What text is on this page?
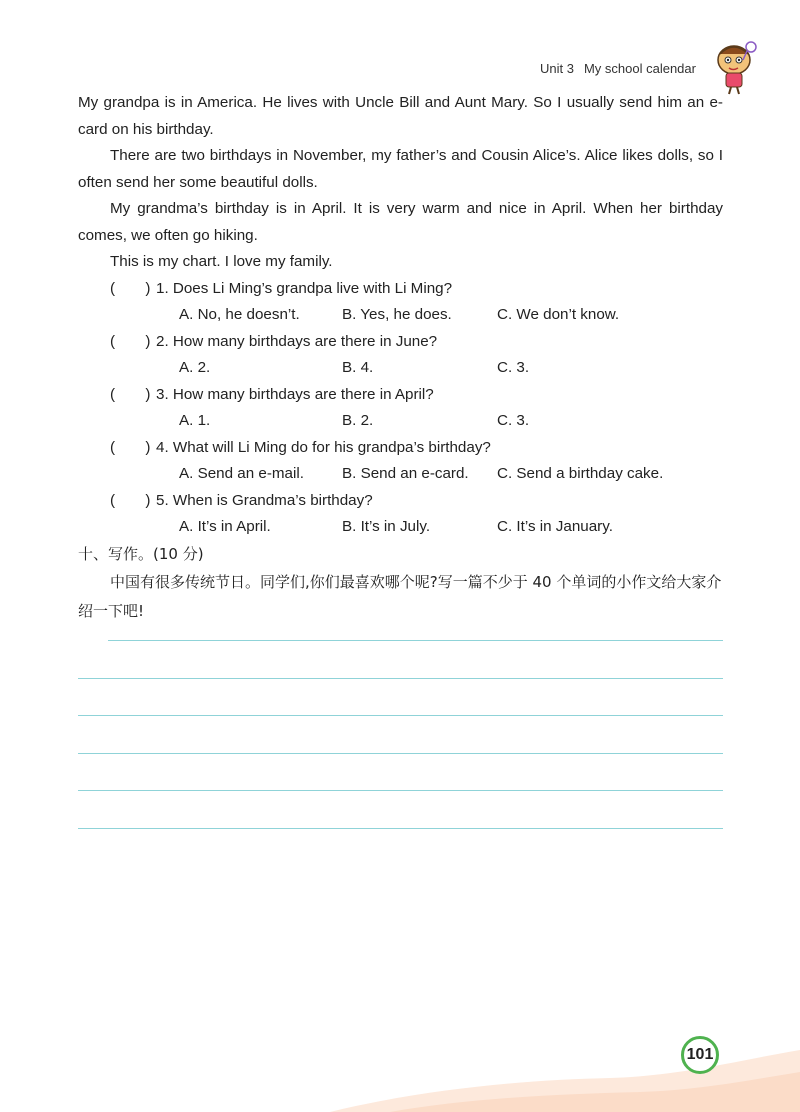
Unit 3 My school calendar

My grandpa is in America. He lives with Uncle Bill and Aunt Mary. So I usually send him an e-card on his birthday.

There are two birthdays in November, my father’s and Cousin Alice’s. Alice likes dolls, so I often send her some beautiful dolls.

My grandma’s birthday is in April. It is very warm and nice in April. When her birthday comes, we often go hiking.

This is my chart. I love my family.

(　　) 1. Does Li Ming’s grandpa live with Li Ming?
A. No, he doesn’t.	B. Yes, he does.	C. We don’t know.
(　　) 2. How many birthdays are there in June?
A. 2.	B. 4.	C. 3.
(　　) 3. How many birthdays are there in April?
A. 1.	B. 2.	C. 3.
(　　) 4. What will Li Ming do for his grandpa’s birthday?
A. Send an e-mail.	B. Send an e-card. C. Send a birthday cake.
(　　) 5. When is Grandma’s birthday?
A. It’s in April.	B. It’s in July.	C. It’s in January.
十、写作。(10 分)

中国有很多传统节日。同学们,你们最喜欢哪个呢?写一篇不少于 40 个单词的小作文给大家介绍一下吧!

101
